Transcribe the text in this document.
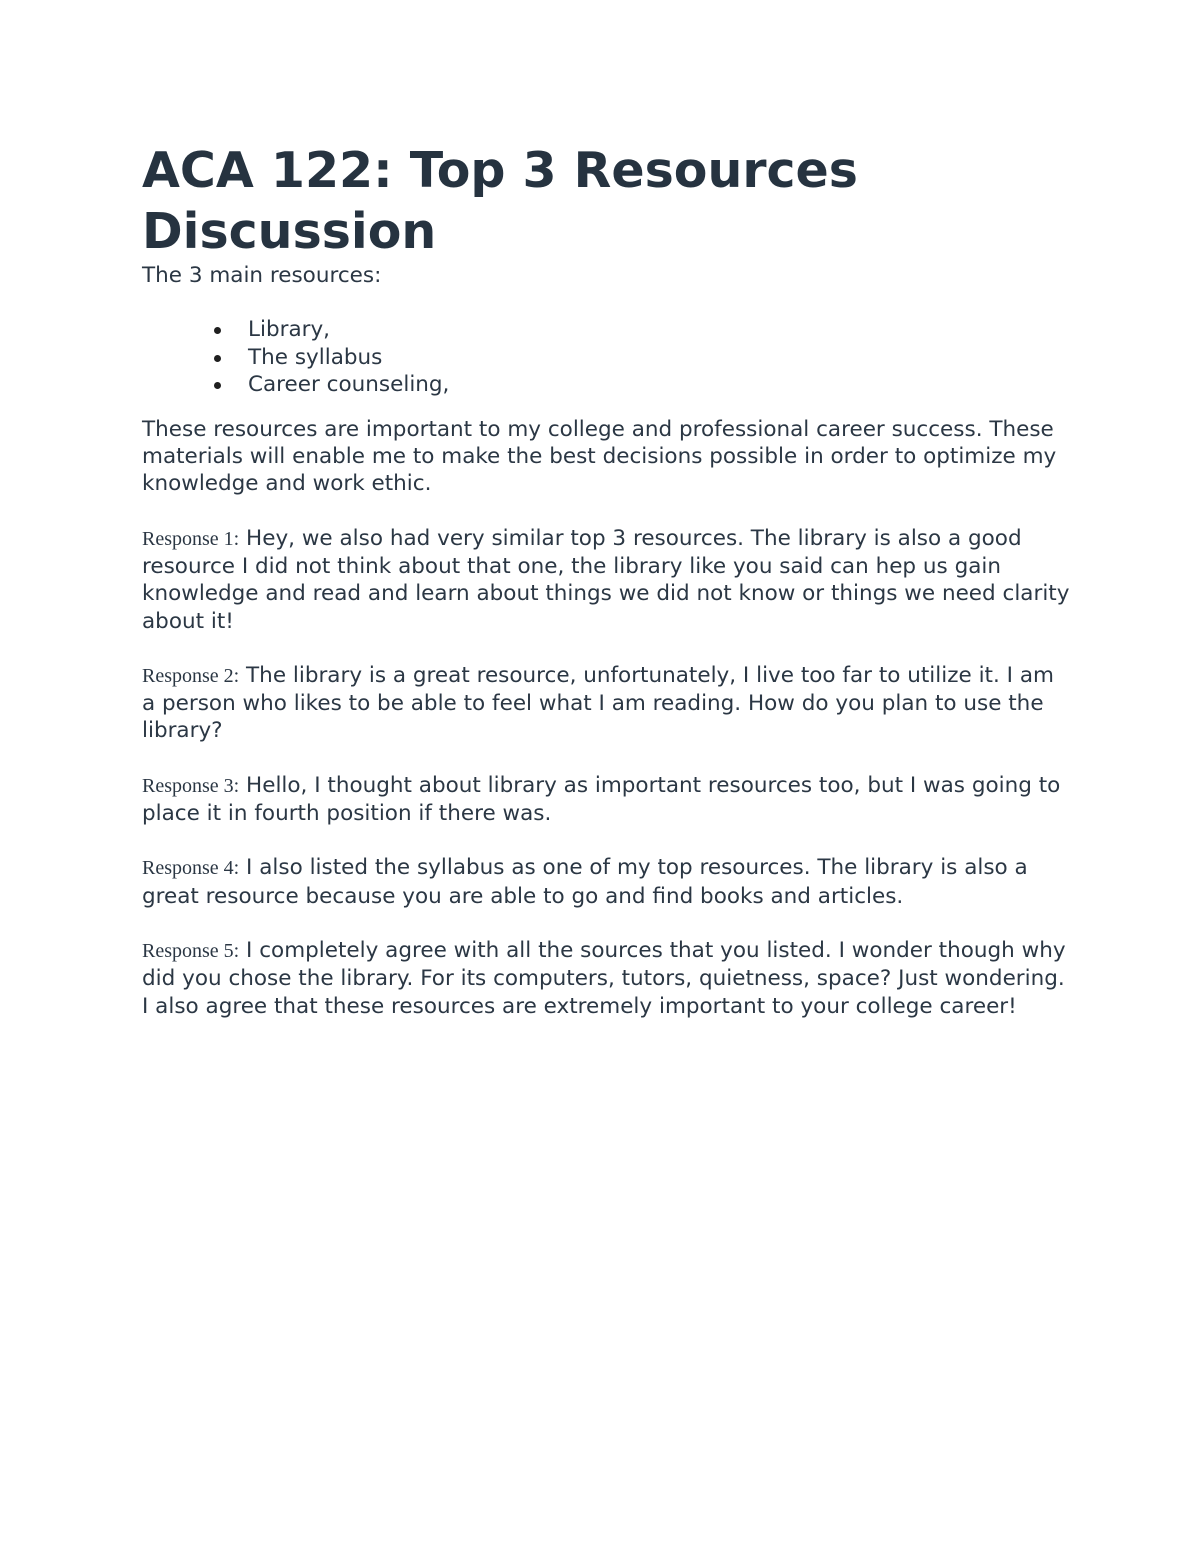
ACA 122: Top 3 Resources Discussion

The 3 main resources:

Library,
The syllabus
Career counseling,

These resources are important to my college and professional career success. These materials will enable me to make the best decisions possible in order to optimize my knowledge and work ethic.

Response 1: Hey, we also had very similar top 3 resources. The library is also a good resource I did not think about that one, the library like you said can hep us gain knowledge and read and learn about things we did not know or things we need clarity about it!

Response 2: The library is a great resource, unfortunately, I live too far to utilize it. I am a person who likes to be able to feel what I am reading. How do you plan to use the library?

Response 3: Hello, I thought about library as important resources too, but I was going to place it in fourth position if there was.

Response 4: I also listed the syllabus as one of my top resources. The library is also a great resource because you are able to go and find books and articles.

Response 5: I completely agree with all the sources that you listed. I wonder though why did you chose the library. For its computers, tutors, quietness, space? Just wondering. I also agree that these resources are extremely important to your college career!
